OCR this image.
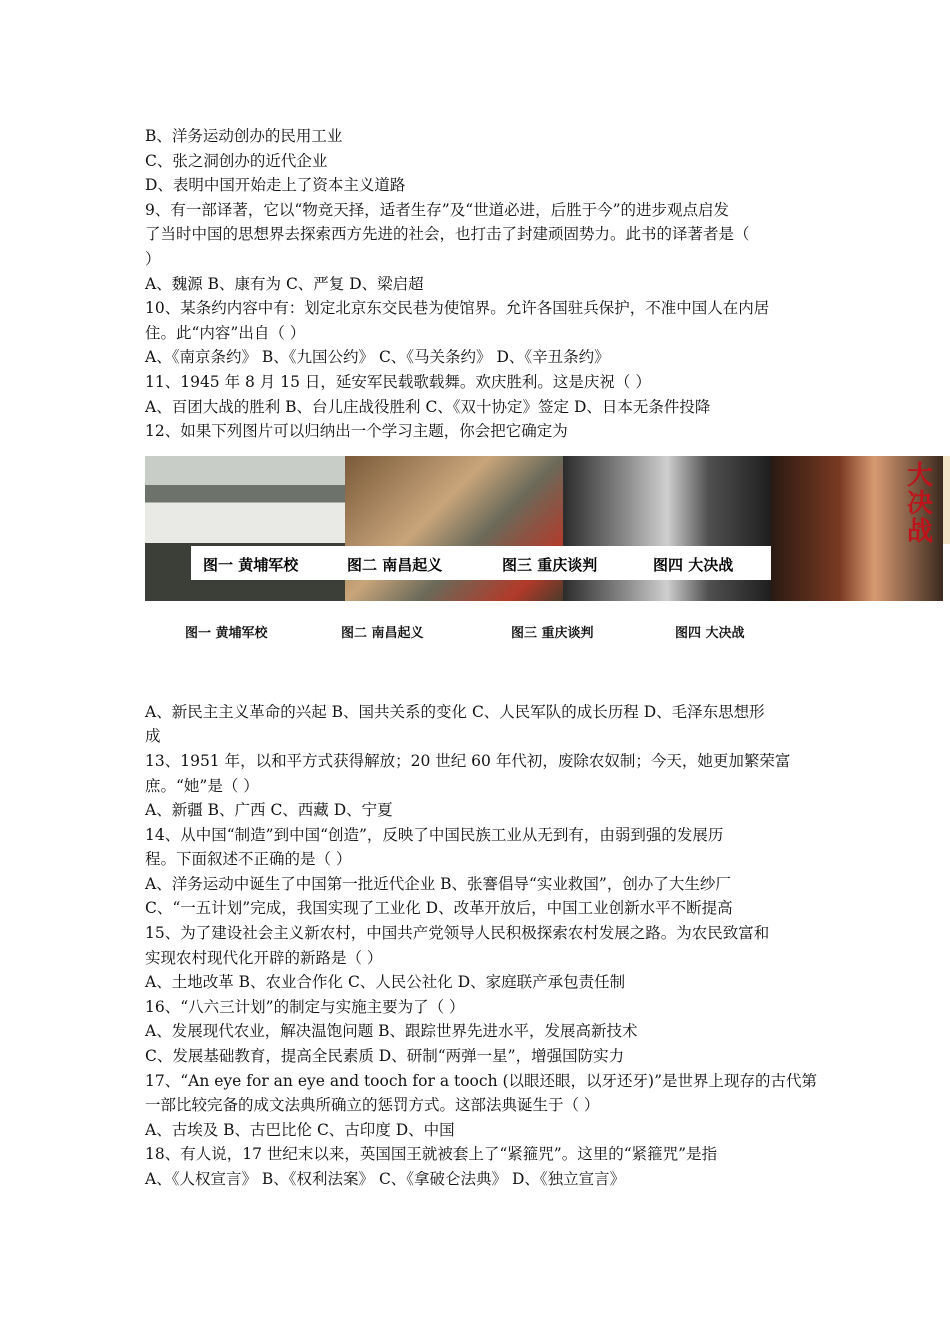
B、洋务运动创办的民用工业
C、张之洞创办的近代企业
D、表明中国开始走上了资本主义道路
9、有一部译著，它以“物竞天择，适者生存”及“世道必进，后胜于今”的进步观点启发
了当时中国的思想界去探索西方先进的社会，也打击了封建顽固势力。此书的译著者是（
）
A、魏源 B、康有为 C、严复 D、梁启超
10、某条约内容中有：划定北京东交民巷为使馆界。允许各国驻兵保护，不准中国人在内居
住。此“内容”出自（ ）
A、《南京条约》 B、《九国公约》 C、《马关条约》 D、《辛丑条约》
11、1945 年 8 月 15 日，延安军民载歌载舞。欢庆胜利。这是庆祝（ ）
A、百团大战的胜利 B、台儿庄战役胜利 C、《双十协定》签定 D、日本无条件投降
12、如果下列图片可以归纳出一个学习主题，你会把它确定为
大决战
图一 黄埔军校	图二 南昌起义	图三 重庆谈判	图四 大决战
图一 黄埔军校	图二 南昌起义	图三 重庆谈判	图四 大决战
A、新民主主义革命的兴起 B、国共关系的变化 C、人民军队的成长历程 D、毛泽东思想形
成
13、1951 年，以和平方式获得解放；20 世纪 60 年代初，废除农奴制；今天，她更加繁荣富
庶。“她”是（ ）
A、新疆 B、广西 C、西藏 D、宁夏
14、从中国“制造”到中国“创造”，反映了中国民族工业从无到有，由弱到强的发展历
程。下面叙述不正确的是（ ）
A、洋务运动中诞生了中国第一批近代企业 B、张謇倡导“实业救国”，创办了大生纱厂
C、“一五计划”完成，我国实现了工业化 D、改革开放后，中国工业创新水平不断提高
15、为了建设社会主义新农村，中国共产党领导人民积极探索农村发展之路。为农民致富和
实现农村现代化开辟的新路是（ ）
A、土地改革 B、农业合作化 C、人民公社化 D、家庭联产承包责任制
16、“八六三计划”的制定与实施主要为了（ ）
A、发展现代农业，解决温饱问题 B、跟踪世界先进水平，发展高新技术
C、发展基础教育，提高全民素质 D、研制“两弹一星”，增强国防实力
17、“An eye for an eye and tooch for a tooch (以眼还眼，以牙还牙)”是世界上现存的古代第
一部比较完备的成文法典所确立的惩罚方式。这部法典诞生于（ ）
A、古埃及 B、古巴比伦 C、古印度 D、中国
18、有人说，17 世纪末以来，英国国王就被套上了“紧箍咒”。这里的“紧箍咒”是指
A、《人权宣言》 B、《权利法案》 C、《拿破仑法典》 D、《独立宣言》
